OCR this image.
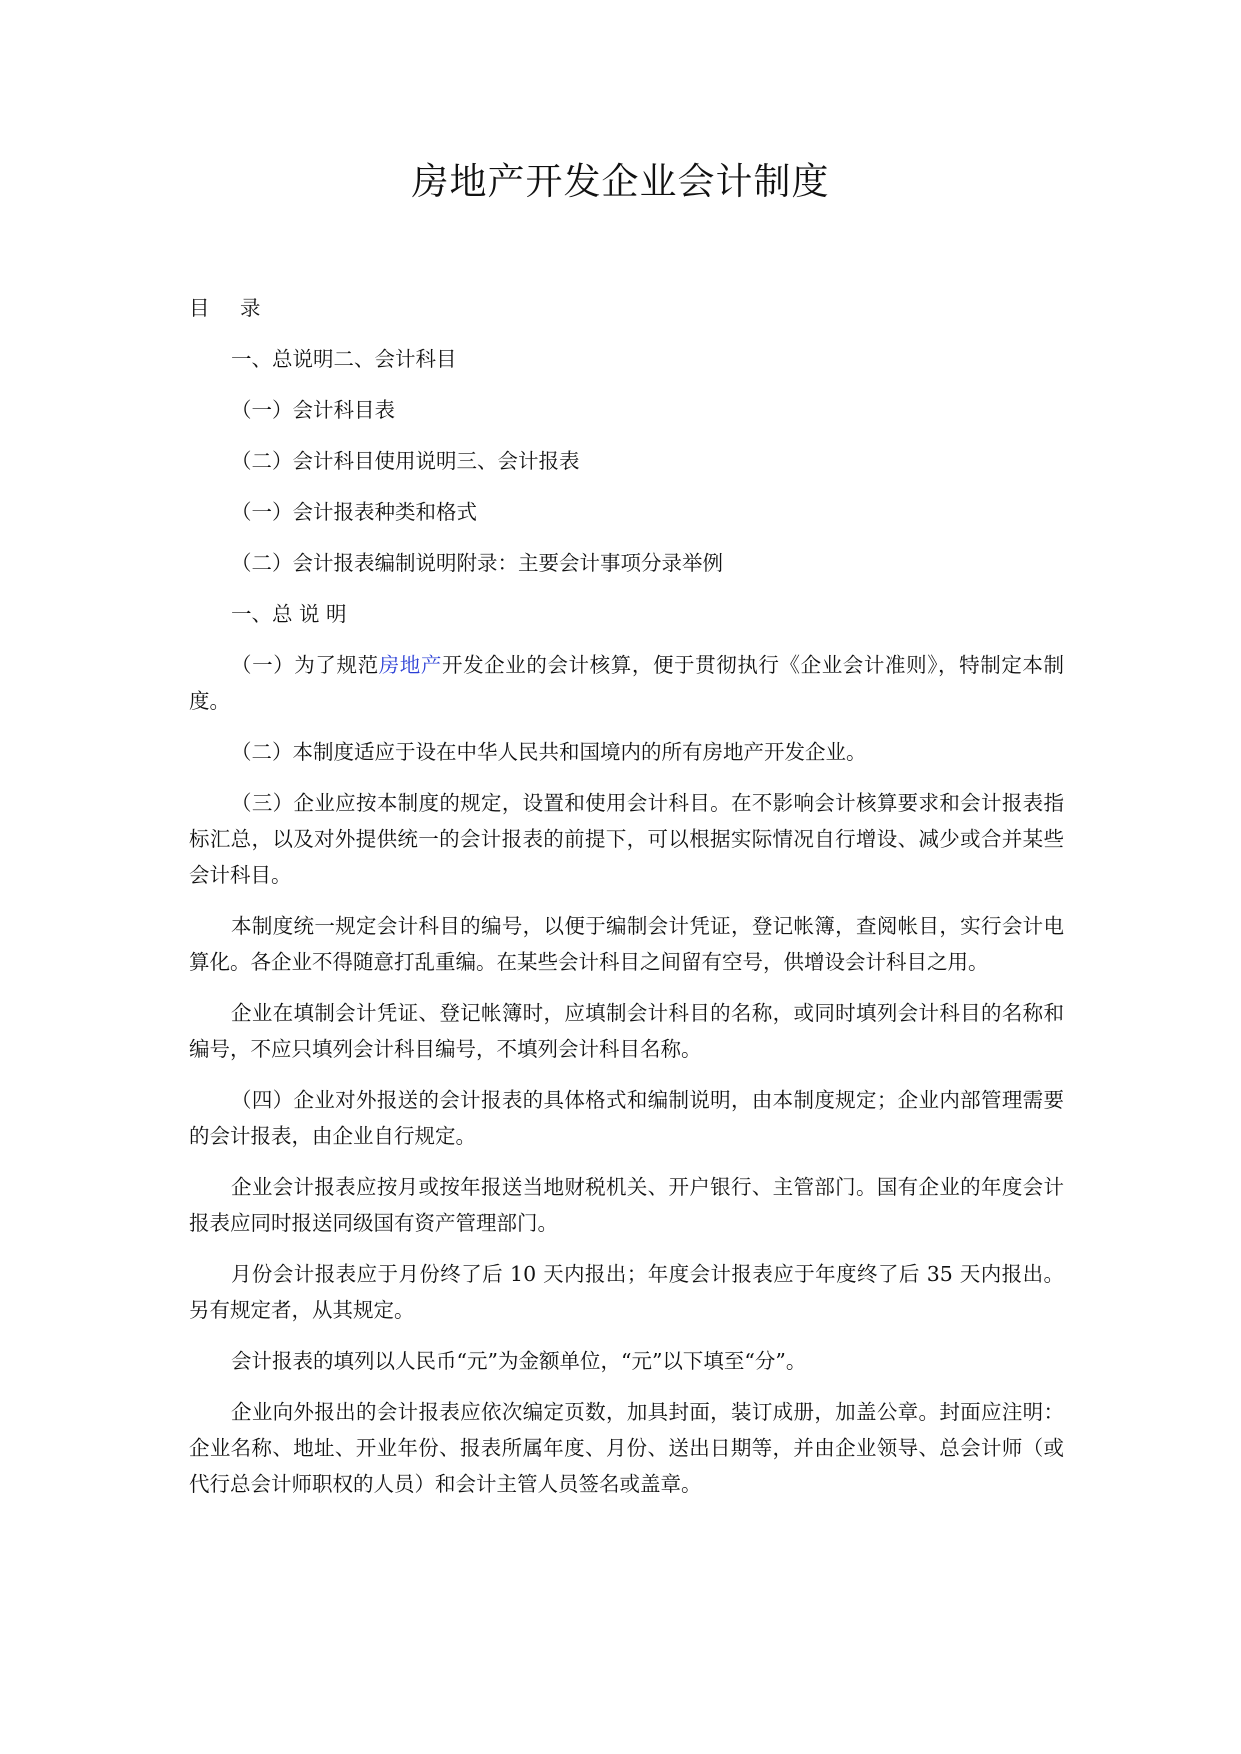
房地产开发企业会计制度

目 录

一、总说明二、会计科目

（一）会计科目表

（二）会计科目使用说明三、会计报表

（一）会计报表种类和格式

（二）会计报表编制说明附录：主要会计事项分录举例

一、总 说 明

（一）为了规范房地产开发企业的会计核算，便于贯彻执行《企业会计准则》，特制定本制度。

（二）本制度适应于设在中华人民共和国境内的所有房地产开发企业。

（三）企业应按本制度的规定，设置和使用会计科目。在不影响会计核算要求和会计报表指标汇总，以及对外提供统一的会计报表的前提下，可以根据实际情况自行增设、减少或合并某些会计科目。

本制度统一规定会计科目的编号，以便于编制会计凭证，登记帐簿，查阅帐目，实行会计电算化。各企业不得随意打乱重编。在某些会计科目之间留有空号，供增设会计科目之用。

企业在填制会计凭证、登记帐簿时，应填制会计科目的名称，或同时填列会计科目的名称和编号，不应只填列会计科目编号，不填列会计科目名称。

（四）企业对外报送的会计报表的具体格式和编制说明，由本制度规定；企业内部管理需要的会计报表，由企业自行规定。

企业会计报表应按月或按年报送当地财税机关、开户银行、主管部门。国有企业的年度会计报表应同时报送同级国有资产管理部门。

月份会计报表应于月份终了后 10 天内报出；年度会计报表应于年度终了后 35 天内报出。另有规定者，从其规定。

会计报表的填列以人民币“元”为金额单位，“元”以下填至“分”。

企业向外报出的会计报表应依次编定页数，加具封面，装订成册，加盖公章。封面应注明：企业名称、地址、开业年份、报表所属年度、月份、送出日期等，并由企业领导、总会计师（或代行总会计师职权的人员）和会计主管人员签名或盖章。
